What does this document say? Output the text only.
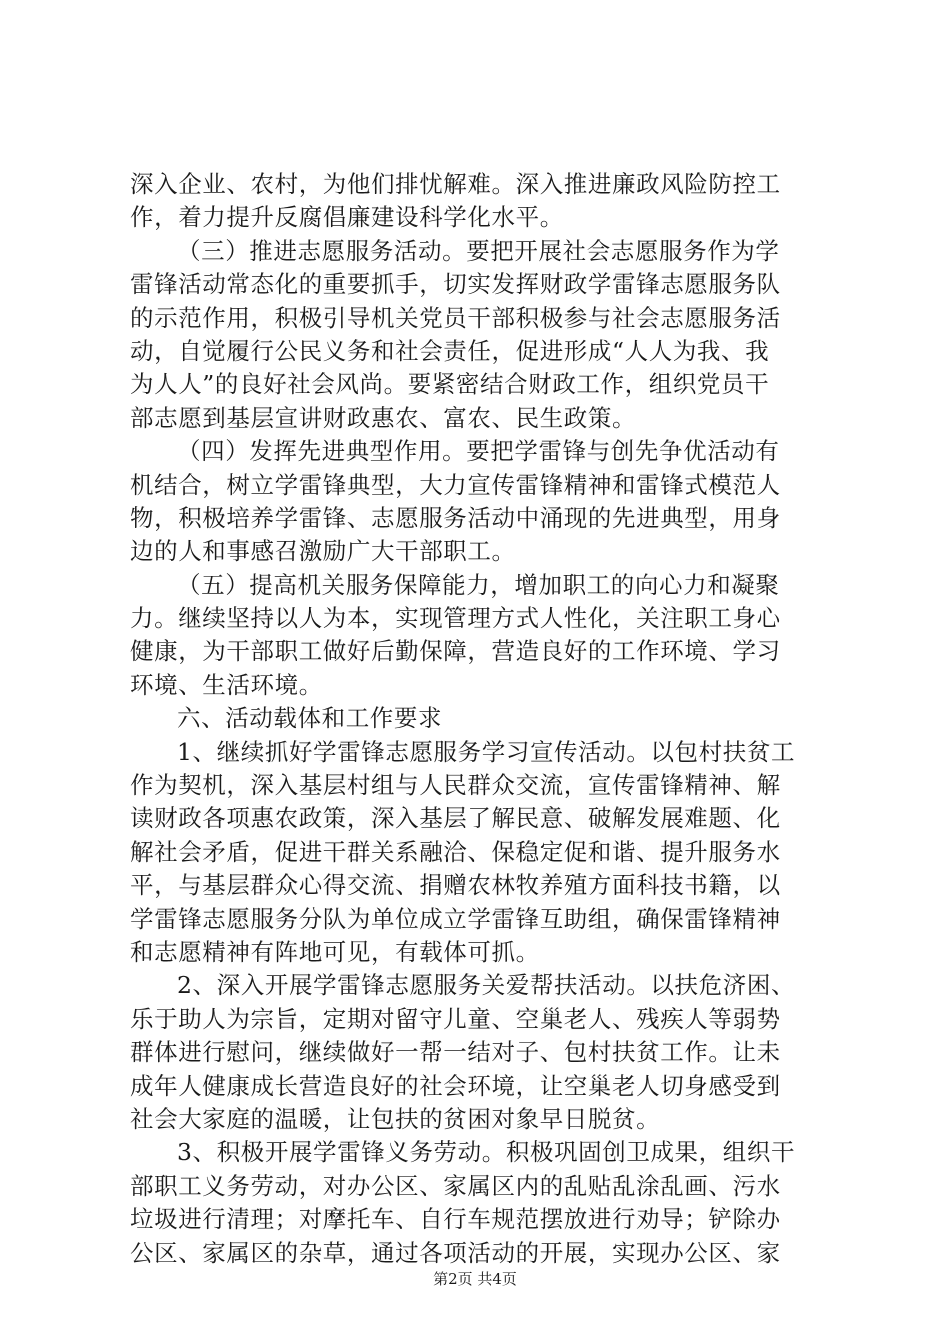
深入企业、农村，为他们排忧解难。深入推进廉政风险防控工
作，着力提升反腐倡廉建设科学化水平。
（三）推进志愿服务活动。要把开展社会志愿服务作为学
雷锋活动常态化的重要抓手，切实发挥财政学雷锋志愿服务队
的示范作用，积极引导机关党员干部积极参与社会志愿服务活
动，自觉履行公民义务和社会责任，促进形成“人人为我、我
为人人”的良好社会风尚。要紧密结合财政工作，组织党员干
部志愿到基层宣讲财政惠农、富农、民生政策。
（四）发挥先进典型作用。要把学雷锋与创先争优活动有
机结合，树立学雷锋典型，大力宣传雷锋精神和雷锋式模范人
物，积极培养学雷锋、志愿服务活动中涌现的先进典型，用身
边的人和事感召激励广大干部职工。
（五）提高机关服务保障能力，增加职工的向心力和凝聚
力。继续坚持以人为本，实现管理方式人性化，关注职工身心
健康，为干部职工做好后勤保障，营造良好的工作环境、学习
环境、生活环境。
六、活动载体和工作要求
1、继续抓好学雷锋志愿服务学习宣传活动。以包村扶贫工
作为契机，深入基层村组与人民群众交流，宣传雷锋精神、解
读财政各项惠农政策，深入基层了解民意、破解发展难题、化
解社会矛盾，促进干群关系融洽、保稳定促和谐、提升服务水
平，与基层群众心得交流、捐赠农林牧养殖方面科技书籍，以
学雷锋志愿服务分队为单位成立学雷锋互助组，确保雷锋精神
和志愿精神有阵地可见，有载体可抓。
2、深入开展学雷锋志愿服务关爱帮扶活动。以扶危济困、
乐于助人为宗旨，定期对留守儿童、空巢老人、残疾人等弱势
群体进行慰问，继续做好一帮一结对子、包村扶贫工作。让未
成年人健康成长营造良好的社会环境，让空巢老人切身感受到
社会大家庭的温暖，让包扶的贫困对象早日脱贫。
3、积极开展学雷锋义务劳动。积极巩固创卫成果，组织干
部职工义务劳动，对办公区、家属区内的乱贴乱涂乱画、污水
垃圾进行清理；对摩托车、自行车规范摆放进行劝导；铲除办
公区、家属区的杂草，通过各项活动的开展，实现办公区、家
第2页 共4页
